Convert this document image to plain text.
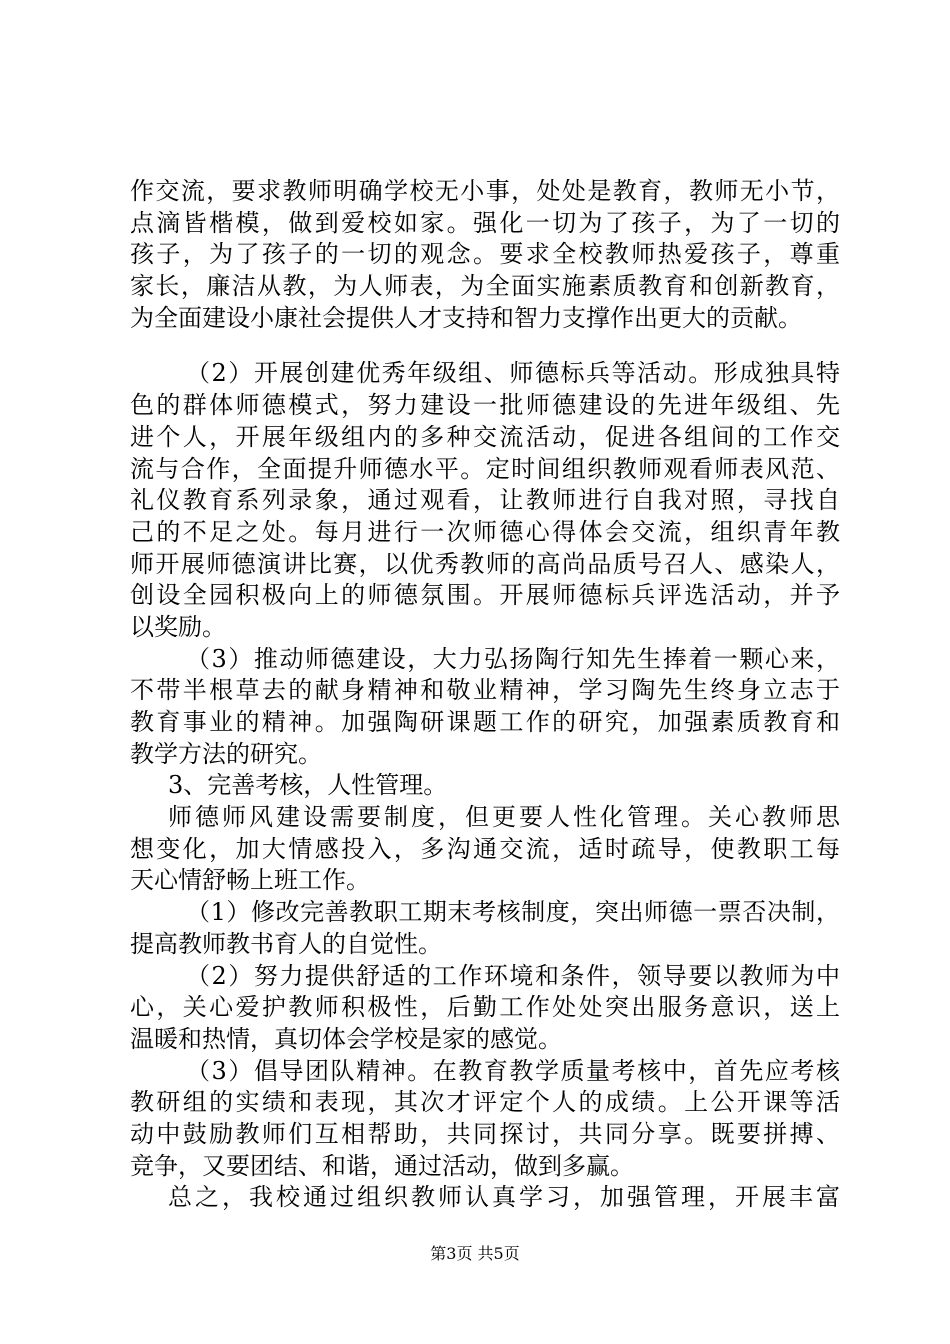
作交流，要求教师明确学校无小事，处处是教育，教师无小节，
点滴皆楷模，做到爱校如家。强化一切为了孩子，为了一切的
孩子，为了孩子的一切的观念。要求全校教师热爱孩子，尊重
家长，廉洁从教，为人师表，为全面实施素质教育和创新教育，
为全面建设小康社会提供人才支持和智力支撑作出更大的贡献。
（2）开展创建优秀年级组、师德标兵等活动。形成独具特
色的群体师德模式，努力建设一批师德建设的先进年级组、先
进个人，开展年级组内的多种交流活动，促进各组间的工作交
流与合作，全面提升师德水平。定时间组织教师观看师表风范、
礼仪教育系列录象，通过观看，让教师进行自我对照，寻找自
己的不足之处。每月进行一次师德心得体会交流，组织青年教
师开展师德演讲比赛，以优秀教师的高尚品质号召人、感染人，
创设全园积极向上的师德氛围。开展师德标兵评选活动，并予
以奖励。
（3）推动师德建设，大力弘扬陶行知先生捧着一颗心来，
不带半根草去的献身精神和敬业精神，学习陶先生终身立志于
教育事业的精神。加强陶研课题工作的研究，加强素质教育和
教学方法的研究。
3、完善考核，人性管理。
师德师风建设需要制度，但更要人性化管理。关心教师思
想变化，加大情感投入，多沟通交流，适时疏导，使教职工每
天心情舒畅上班工作。
（1）修改完善教职工期末考核制度，突出师德一票否决制，
提高教师教书育人的自觉性。
（2）努力提供舒适的工作环境和条件，领导要以教师为中
心，关心爱护教师积极性，后勤工作处处突出服务意识，送上
温暖和热情，真切体会学校是家的感觉。
（3）倡导团队精神。在教育教学质量考核中，首先应考核
教研组的实绩和表现，其次才评定个人的成绩。上公开课等活
动中鼓励教师们互相帮助，共同探讨，共同分享。既要拼搏、
竞争，又要团结、和谐，通过活动，做到多赢。
总之，我校通过组织教师认真学习，加强管理，开展丰富
第3页 共5页
